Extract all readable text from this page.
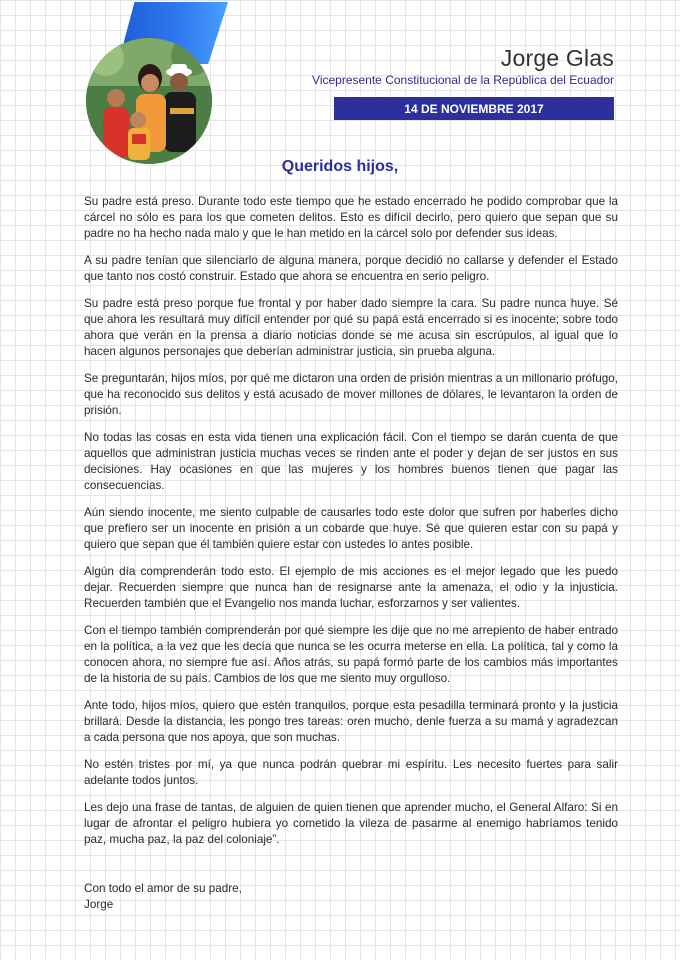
Jorge Glas
Vicepresente Constitucional de la República del Ecuador
14 DE NOVIEMBRE 2017
Queridos hijos,

Su padre está preso. Durante todo este tiempo que he estado encerrado he podido comprobar que la cárcel no sólo es para los que cometen delitos. Esto es difícil decirlo, pero quiero que sepan que su padre no ha hecho nada malo y que le han metido en la cárcel solo por defender sus ideas.

A su padre tenían que silenciarlo de alguna manera, porque decidió no callarse y defender el Estado que tanto nos costó construir. Estado que ahora se encuentra en serio peligro.

Su padre está preso porque fue frontal y por haber dado siempre la cara. Su padre nunca huye. Sé que ahora les resultará muy difícil entender por qué su papá está encerrado si es inocente; sobre todo ahora que verán en la prensa a diario noticias donde se me acusa sin escrúpulos, al igual que lo hacen algunos personajes que deberían administrar justicia, sin prueba alguna.

Se preguntarán, hijos míos, por qué me dictaron una orden de prisión mientras a un millonario prófugo, que ha reconocido sus delitos y está acusado de mover millones de dólares, le levantaron la orden de prisión.

No todas las cosas en esta vida tienen una explicación fácil. Con el tiempo se darán cuenta de que aquellos que administran justicia muchas veces se rinden ante el poder y dejan de ser justos en sus decisiones. Hay ocasiones en que las mujeres y los hombres buenos tienen que pagar las consecuencias.

Aún siendo inocente, me siento culpable de causarles todo este dolor que sufren por haberles dicho que prefiero ser un inocente en prisión a un cobarde que huye. Sé que quieren estar con su papá y quiero que sepan que él también quiere estar con ustedes lo antes posible.

Algún día comprenderán todo esto. El ejemplo de mis acciones es el mejor legado que les puedo dejar. Recuerden siempre que nunca han de resignarse ante la amenaza, el odio y la injusticia. Recuerden también que el Evangelio nos manda luchar, esforzarnos y ser valientes.

Con el tiempo también comprenderán por qué siempre les dije que no me arrepiento de haber entrado en la política, a la vez que les decía que nunca se les ocurra meterse en ella. La política, tal y como la conocen ahora, no siempre fue así. Años atrás, su papá formó parte de los cambios más importantes de la historia de su país. Cambios de los que me siento muy orgulloso.

Ante todo, hijos míos, quiero que estén tranquilos, porque esta pesadilla terminará pronto y la justicia brillará. Desde la distancia, les pongo tres tareas: oren mucho, denle fuerza a su mamá y agradezcan a cada persona que nos apoya, que son muchas.

No estén tristes por mí, ya que nunca podrán quebrar mi espíritu. Les necesito fuertes para salir adelante todos juntos.

Les dejo una frase de tantas, de alguien de quien tienen que aprender mucho, el General Alfaro: Si en lugar de afrontar el peligro hubiera yo cometido la vileza de pasarme al enemigo habríamos tenido paz, mucha paz, la paz del coloniaje”.

Con todo el amor de su padre,
Jorge
